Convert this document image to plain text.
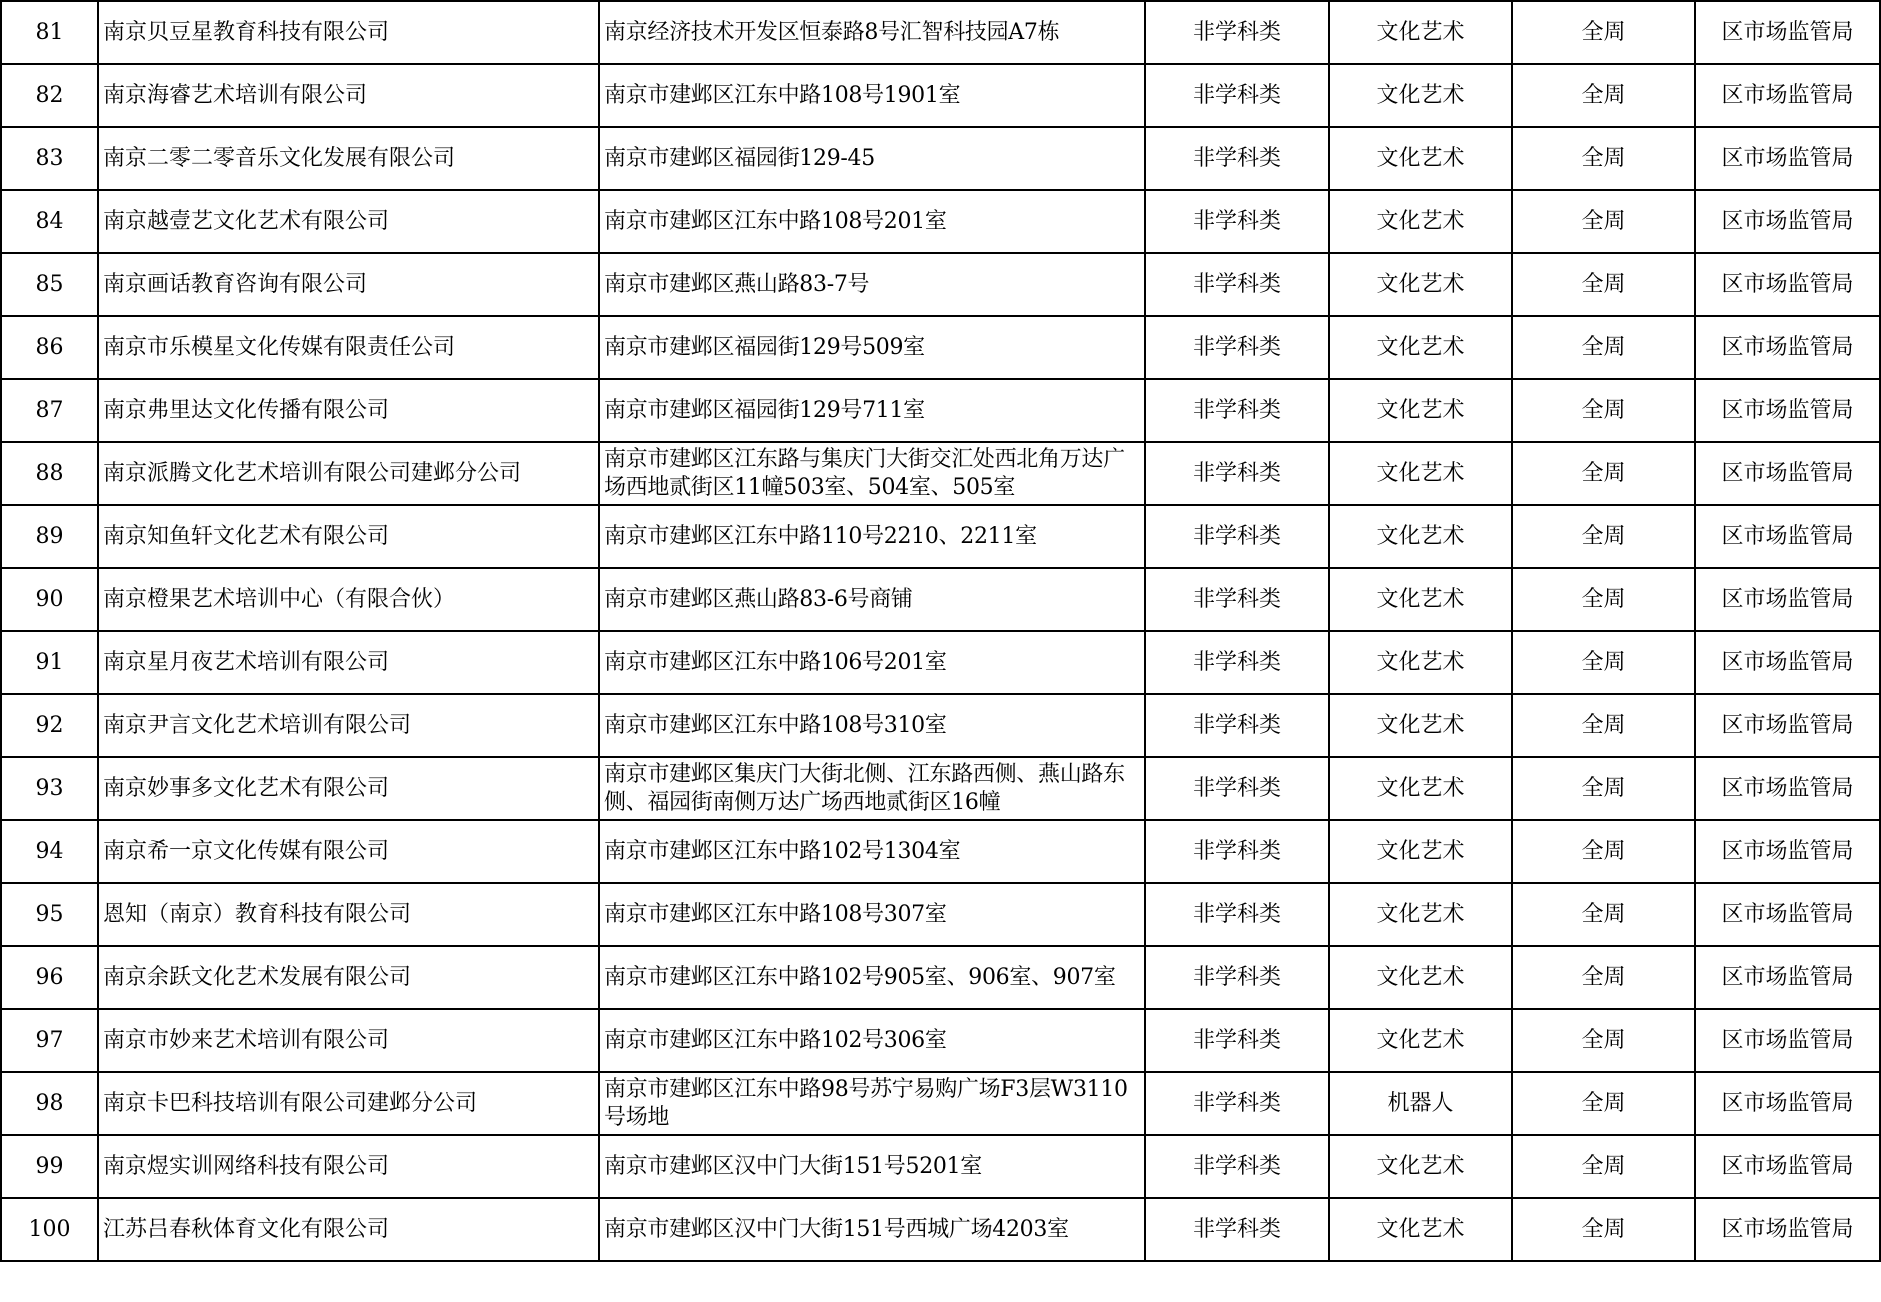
81	南京贝豆星教育科技有限公司	南京经济技术开发区恒泰路8号汇智科技园A7栋	非学科类	文化艺术	全周	区市场监管局
82	南京海睿艺术培训有限公司	南京市建邺区江东中路108号1901室	非学科类	文化艺术	全周	区市场监管局
83	南京二零二零音乐文化发展有限公司	南京市建邺区福园街129-45	非学科类	文化艺术	全周	区市场监管局
84	南京越壹艺文化艺术有限公司	南京市建邺区江东中路108号201室	非学科类	文化艺术	全周	区市场监管局
85	南京画话教育咨询有限公司	南京市建邺区燕山路83-7号	非学科类	文化艺术	全周	区市场监管局
86	南京市乐模星文化传媒有限责任公司	南京市建邺区福园街129号509室	非学科类	文化艺术	全周	区市场监管局
87	南京弗里达文化传播有限公司	南京市建邺区福园街129号711室	非学科类	文化艺术	全周	区市场监管局
88	南京派腾文化艺术培训有限公司建邺分公司	南京市建邺区江东路与集庆门大街交汇处西北角万达广场西地贰街区11幢503室、504室、505室	非学科类	文化艺术	全周	区市场监管局
89	南京知鱼轩文化艺术有限公司	南京市建邺区江东中路110号2210、2211室	非学科类	文化艺术	全周	区市场监管局
90	南京橙果艺术培训中心（有限合伙）	南京市建邺区燕山路83-6号商铺	非学科类	文化艺术	全周	区市场监管局
91	南京星月夜艺术培训有限公司	南京市建邺区江东中路106号201室	非学科类	文化艺术	全周	区市场监管局
92	南京尹言文化艺术培训有限公司	南京市建邺区江东中路108号310室	非学科类	文化艺术	全周	区市场监管局
93	南京妙事多文化艺术有限公司	南京市建邺区集庆门大街北侧、江东路西侧、燕山路东侧、福园街南侧万达广场西地贰街区16幢	非学科类	文化艺术	全周	区市场监管局
94	南京希一京文化传媒有限公司	南京市建邺区江东中路102号1304室	非学科类	文化艺术	全周	区市场监管局
95	恩知（南京）教育科技有限公司	南京市建邺区江东中路108号307室	非学科类	文化艺术	全周	区市场监管局
96	南京余跃文化艺术发展有限公司	南京市建邺区江东中路102号905室、906室、907室	非学科类	文化艺术	全周	区市场监管局
97	南京市妙来艺术培训有限公司	南京市建邺区江东中路102号306室	非学科类	文化艺术	全周	区市场监管局
98	南京卡巴科技培训有限公司建邺分公司	南京市建邺区江东中路98号苏宁易购广场F3层W3110号场地	非学科类	机器人	全周	区市场监管局
99	南京煜实训网络科技有限公司	南京市建邺区汉中门大街151号5201室	非学科类	文化艺术	全周	区市场监管局
100	江苏吕春秋体育文化有限公司	南京市建邺区汉中门大街151号西城广场4203室	非学科类	文化艺术	全周	区市场监管局
